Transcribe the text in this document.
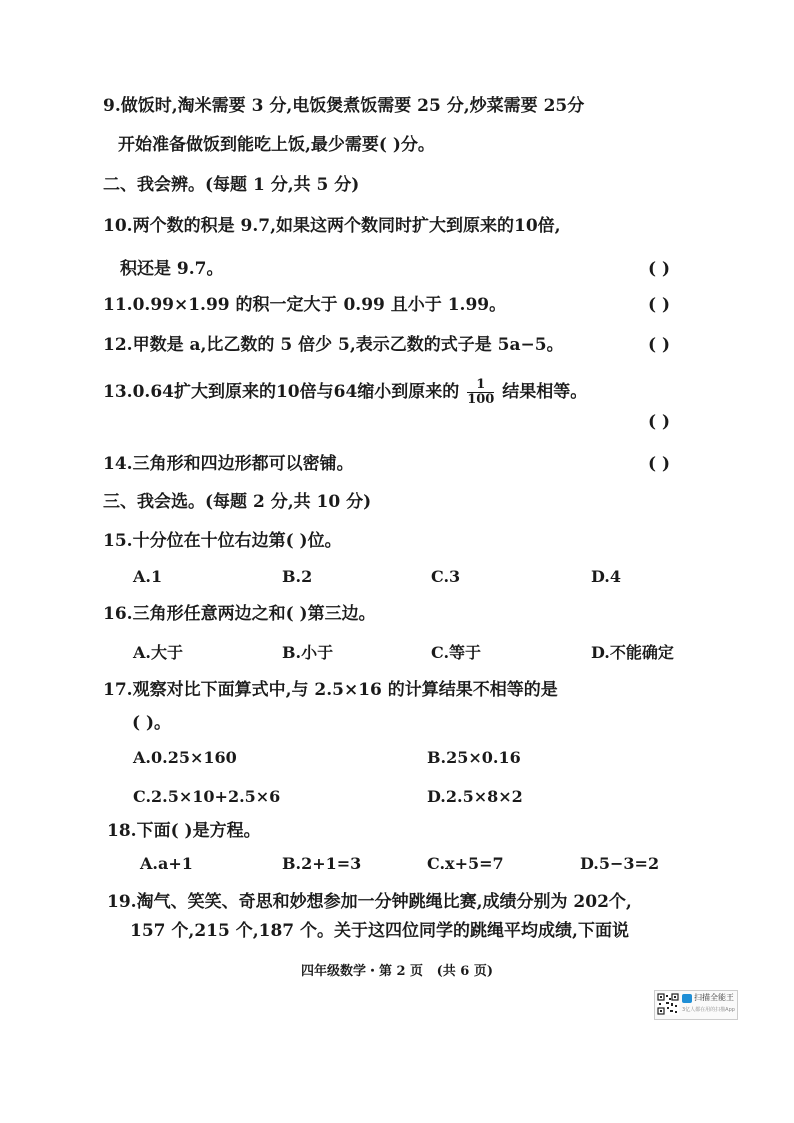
9.做饭时,淘米需要 3 分,电饭煲煮饭需要 25 分,炒菜需要 25分
开始准备做饭到能吃上饭,最少需要( )分。
二、我会辨。(每题 1 分,共 5 分)
10.两个数的积是 9.7,如果这两个数同时扩大到原来的10倍,
积还是 9.7。	( )
11.0.99×1.99 的积一定大于 0.99 且小于 1.99。	( )
12.甲数是 a,比乙数的 5 倍少 5,表示乙数的式子是 5a−5。	( )
13.0.64扩大到原来的10倍与64缩小到原来的 $\frac{1}{100}$ 结果相等。
( )
14.三角形和四边形都可以密铺。	( )
三、我会选。(每题 2 分,共 10 分)
15.十分位在十位右边第( )位。
A.1	B.2	C.3	D.4
16.三角形任意两边之和( )第三边。
A.大于	B.小于	C.等于	D.不能确定
17.观察对比下面算式中,与 2.5×16 的计算结果不相等的是
( )。
A.0.25×160	B.25×0.16
C.2.5×10+2.5×6	D.2.5×8×2
18.下面( )是方程。
A.a+1	B.2+1=3	C.x+5=7	D.5−3=2
19.淘气、笑笑、奇思和妙想参加一分钟跳绳比赛,成绩分别为 202个,
157 个,215 个,187 个。关于这四位同学的跳绳平均成绩,下面说
四年级数学・第 2 页   (共 6 页)
扫描全能王
3亿人都在用的扫描App
